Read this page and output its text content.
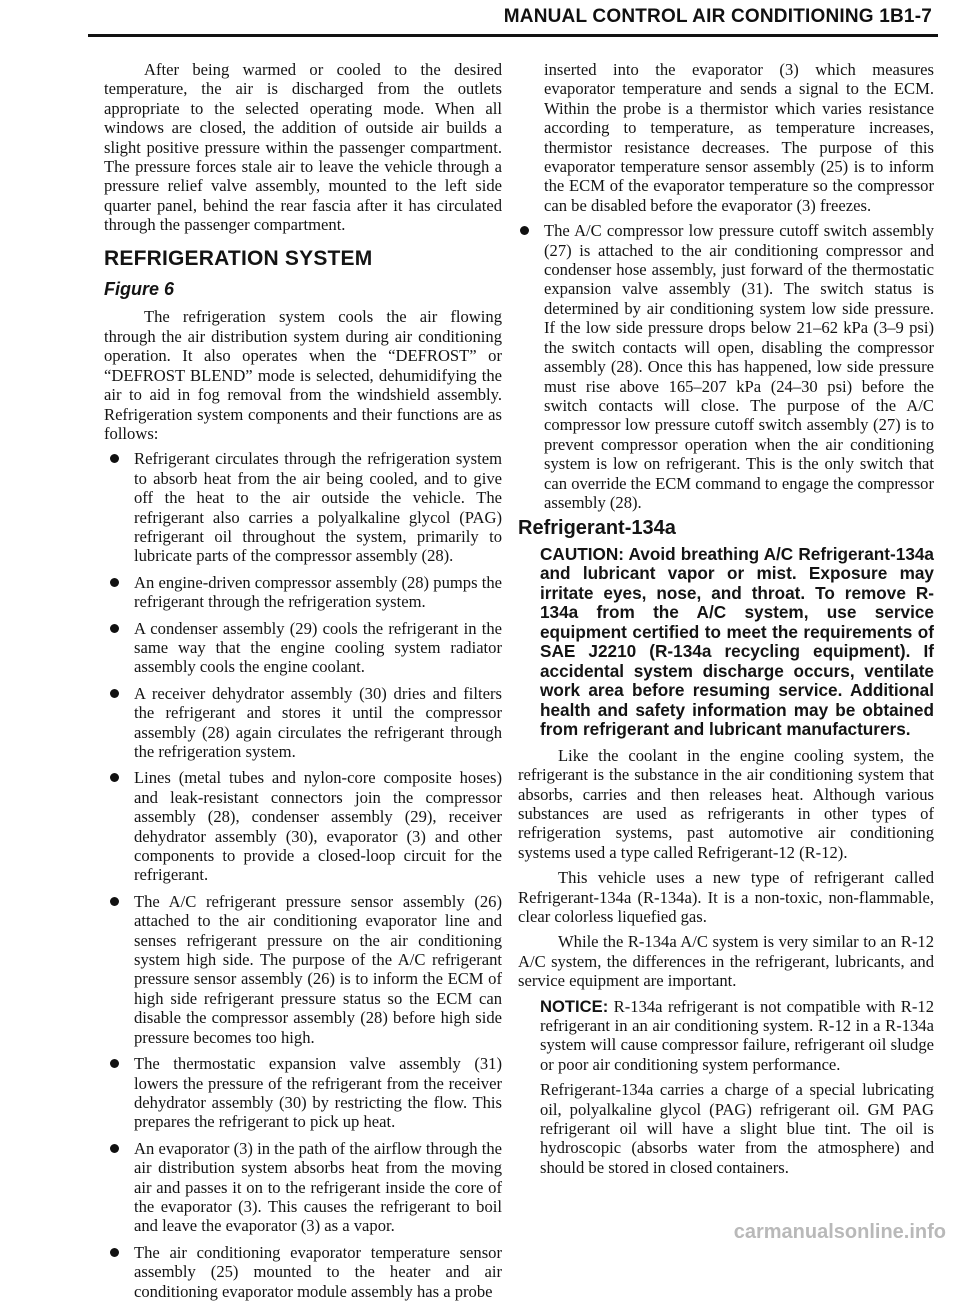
MANUAL CONTROL AIR CONDITIONING 1B1-7

After being warmed or cooled to the desired temperature, the air is discharged from the outlets appropriate to the selected operating mode. When all windows are closed, the addition of outside air builds a slight positive pressure within the passenger compartment. The pressure forces stale air to leave the vehicle through a pressure relief valve assembly, mounted to the left side quarter panel, behind the rear fascia after it has circulated through the passenger compartment.

REFRIGERATION SYSTEM
Figure 6

The refrigeration system cools the air flowing through the air distribution system during air conditioning operation. It also operates when the “DEFROST” or “DEFROST BLEND” mode is selected, dehumidifying the air to aid in fog removal from the windshield assembly. Refrigeration system components and their functions are as follows:

Refrigerant circulates through the refrigeration system to absorb heat from the air being cooled, and to give off the heat to the air outside the vehicle. The refrigerant also carries a polyalkaline glycol (PAG) refrigerant oil throughout the system, primarily to lubricate parts of the compressor assembly (28).
An engine-driven compressor assembly (28) pumps the refrigerant through the refrigeration system.
A condenser assembly (29) cools the refrigerant in the same way that the engine cooling system radiator assembly cools the engine coolant.
A receiver dehydrator assembly (30) dries and filters the refrigerant and stores it until the compressor assembly (28) again circulates the refrigerant through the refrigeration system.
Lines (metal tubes and nylon-core composite hoses) and leak-resistant connectors join the compressor assembly (28), condenser assembly (29), receiver dehydrator assembly (30), evaporator (3) and other components to provide a closed-loop circuit for the refrigerant.
The A/C refrigerant pressure sensor assembly (26) attached to the air conditioning evaporator line and senses refrigerant pressure on the air conditioning system high side. The purpose of the A/C refrigerant pressure sensor assembly (26) is to inform the ECM of high side refrigerant pressure status so the ECM can disable the compressor assembly (28) before high side pressure becomes too high.
The thermostatic expansion valve assembly (31) lowers the pressure of the refrigerant from the receiver dehydrator assembly (30) by restricting the flow. This prepares the refrigerant to pick up heat.
An evaporator (3) in the path of the airflow through the air distribution system absorbs heat from the moving air and passes it on to the refrigerant inside the core of the evaporator (3). This causes the refrigerant to boil and leave the evaporator (3) as a vapor.
The air conditioning evaporator temperature sensor assembly (25) mounted to the heater and air conditioning evaporator module assembly has a probe

inserted into the evaporator (3) which measures evaporator temperature and sends a signal to the ECM. Within the probe is a thermistor which varies resistance according to temperature, as temperature increases, thermistor resistance decreases. The purpose of this evaporator temperature sensor assembly (25) is to inform the ECM of the evaporator temperature so the compressor can be disabled before the evaporator (3) freezes.

The A/C compressor low pressure cutoff switch assembly (27) is attached to the air conditioning compressor and condenser hose assembly, just forward of the thermostatic expansion valve assembly (31). The switch status is determined by air conditioning system low side pressure. If the low side pressure drops below 21–62 kPa (3–9 psi) the switch contacts will open, disabling the compressor assembly (28). Once this has happened, low side pressure must rise above 165–207 kPa (24–30 psi) before the switch contacts will close. The purpose of the A/C compressor low pressure cutoff switch assembly (27) is to prevent compressor operation when the air conditioning system is low on refrigerant. This is the only switch that can override the ECM command to engage the compressor assembly (28).
Refrigerant-134a

CAUTION: Avoid breathing A/C Refrigerant-134a and lubricant vapor or mist. Exposure may irritate eyes, nose, and throat. To remove R-134a from the A/C system, use service equipment certified to meet the requirements of SAE J2210 (R-134a recycling equipment). If accidental system discharge occurs, ventilate work area before resuming service. Additional health and safety information may be obtained from refrigerant and lubricant manufacturers.

Like the coolant in the engine cooling system, the refrigerant is the substance in the air conditioning system that absorbs, carries and then releases heat. Although various substances are used as refrigerants in other types of refrigeration systems, past automotive air conditioning systems used a type called Refrigerant-12 (R-12).

This vehicle uses a new type of refrigerant called Refrigerant-134a (R-134a). It is a non-toxic, non-flammable, clear colorless liquefied gas.

While the R-134a A/C system is very similar to an R-12 A/C system, the differences in the refrigerant, lubricants, and service equipment are important.

NOTICE: R-134a refrigerant is not compatible with R-12 refrigerant in an air conditioning system. R-12 in a R-134a system will cause compressor failure, refrigerant oil sludge or poor air conditioning system performance.

Refrigerant-134a carries a charge of a special lubricating oil, polyalkaline glycol (PAG) refrigerant oil. GM PAG refrigerant oil will have a slight blue tint. The oil is hydroscopic (absorbs water from the atmosphere) and should be stored in closed containers.

carmanualsonline.info
